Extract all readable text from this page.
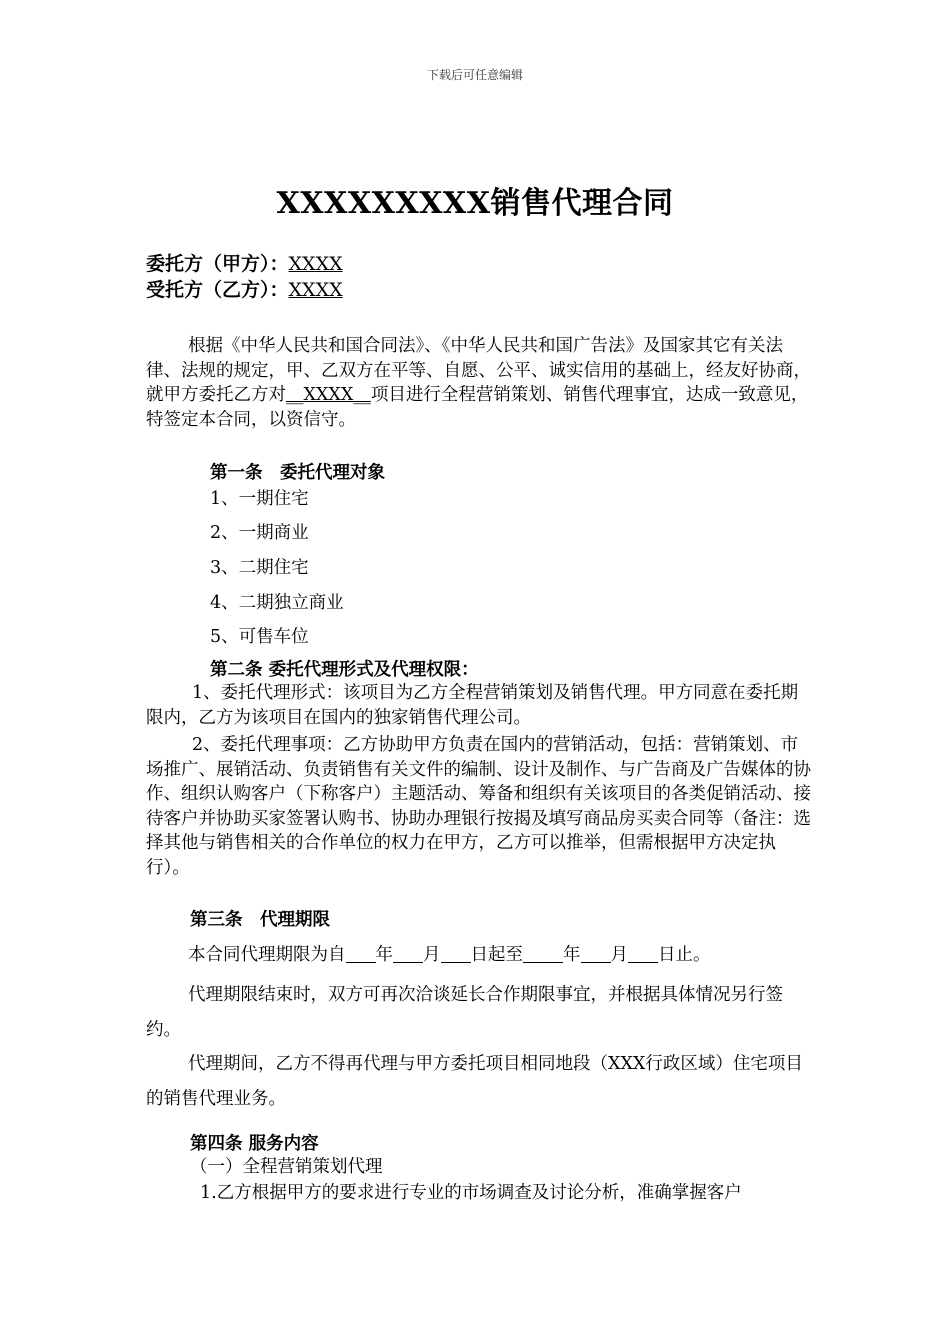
下载后可任意编辑
XXXXXXXXX销售代理合同
委托方（甲方）：XXXX
受托方（乙方）：XXXX
根据《中华人民共和国合同法》、《中华人民共和国广告法》及国家其它有关法律、法规的规定，甲、乙双方在平等、自愿、公平、诚实信用的基础上，经友好协商，就甲方委托乙方对__XXXX__项目进行全程营销策划、销售代理事宜，达成一致意见，特签定本合同，以资信守。
第一条　委托代理对象
1、一期住宅
2、一期商业
3、二期住宅
4、二期独立商业
5、可售车位
第二条 委托代理形式及代理权限：
1、委托代理形式：该项目为乙方全程营销策划及销售代理。甲方同意在委托期限内，乙方为该项目在国内的独家销售代理公司。
2、委托代理事项：乙方协助甲方负责在国内的营销活动，包括：营销策划、市场推广、展销活动、负责销售有关文件的编制、设计及制作、与广告商及广告媒体的协作、组织认购客户（下称客户）主题活动、筹备和组织有关该项目的各类促销活动、接待客户并协助买家签署认购书、协助办理银行按揭及填写商品房买卖合同等（备注：选择其他与销售相关的合作单位的权力在甲方，乙方可以推举，但需根据甲方决定执行）。
第三条　代理期限
本合同代理期限为自 年 月 日起至 年 月 日止。
代理期限结束时，双方可再次洽谈延长合作期限事宜，并根据具体情况另行签约。
代理期间，乙方不得再代理与甲方委托项目相同地段（XXX行政区域）住宅项目的销售代理业务。
第四条 服务内容
（一）全程营销策划代理
1.乙方根据甲方的要求进行专业的市场调查及讨论分析，准确掌握客户
